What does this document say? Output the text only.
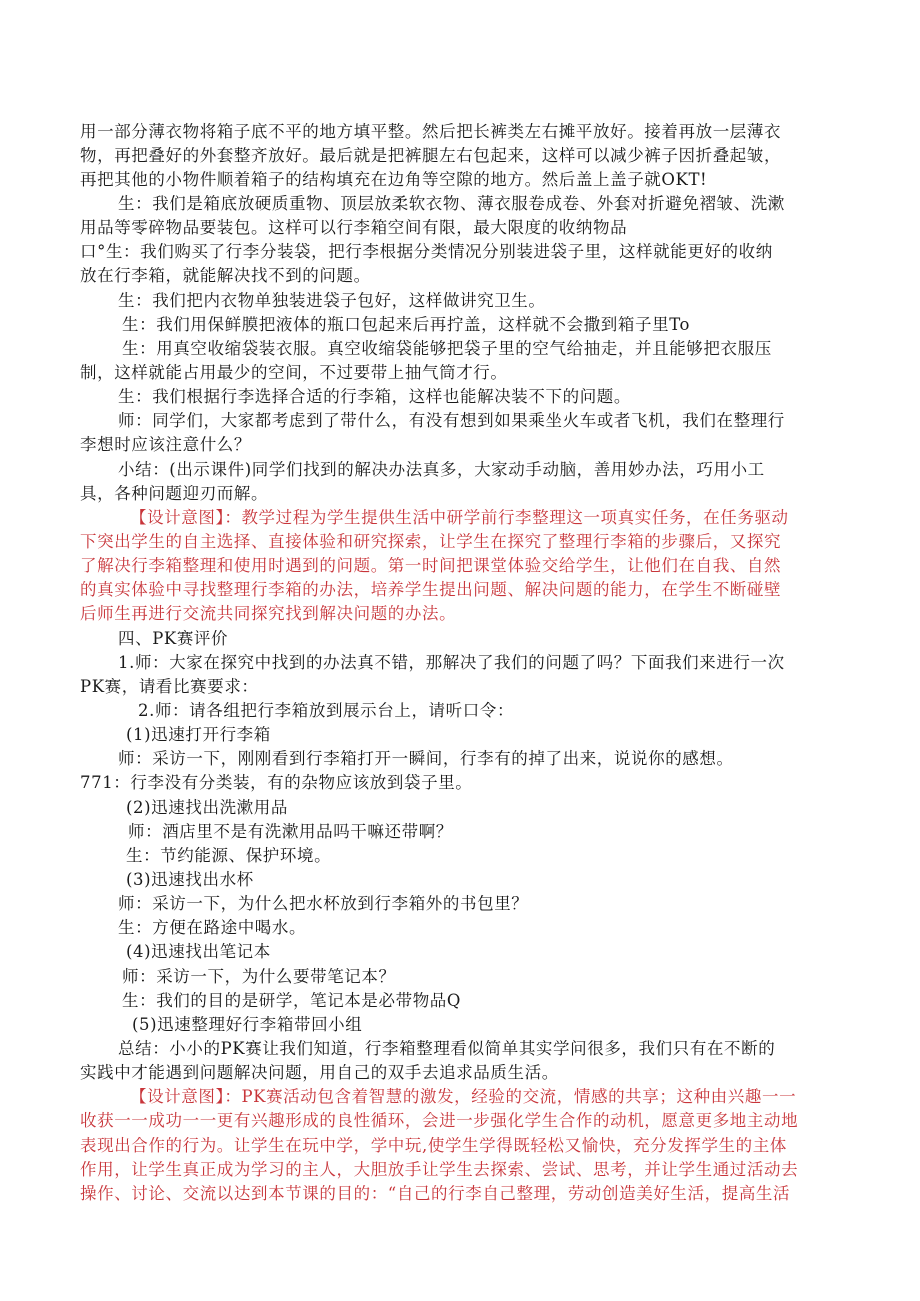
用一部分薄衣物将箱子底不平的地方填平整。然后把长裤类左右摊平放好。接着再放一层薄衣
物，再把叠好的外套整齐放好。最后就是把裤腿左右包起来，这样可以减少裤子因折叠起皱，
再把其他的小物件顺着箱子的结构填充在边角等空隙的地方。然后盖上盖子就OKT!
生：我们是箱底放硬质重物、顶层放柔软衣物、薄衣服卷成卷、外套对折避免褶皱、洗漱
用品等零碎物品要装包。这样可以行李箱空间有限，最大限度的收纳物品
口°生：我们购买了行李分装袋，把行李根据分类情况分别装进袋子里，这样就能更好的收纳
放在行李箱，就能解决找不到的问题。
生：我们把内衣物单独装进袋子包好，这样做讲究卫生。
生：我们用保鲜膜把液体的瓶口包起来后再拧盖，这样就不会撒到箱子里To
生：用真空收缩袋装衣服。真空收缩袋能够把袋子里的空气给抽走，并且能够把衣服压
制，这样就能占用最少的空间，不过要带上抽气筒才行。
生：我们根据行李选择合适的行李箱，这样也能解决装不下的问题。
师：同学们，大家都考虑到了带什么，有没有想到如果乘坐火车或者飞机，我们在整理行
李想时应该注意什么？
小结：(出示课件)同学们找到的解决办法真多，大家动手动脑，善用妙办法，巧用小工
具，各种问题迎刃而解。
【设计意图】：教学过程为学生提供生活中研学前行李整理这一项真实任务，在任务驱动
下突出学生的自主选择、直接体验和研究探索，让学生在探究了整理行李箱的步骤后，又探究
了解决行李箱整理和使用时遇到的问题。第一时间把课堂体验交给学生，让他们在自我、自然
的真实体验中寻找整理行李箱的办法，培养学生提出问题、解决问题的能力，在学生不断碰壁
后师生再进行交流共同探究找到解决问题的办法。
四、PK赛评价
1.师：大家在探究中找到的办法真不错，那解决了我们的问题了吗？下面我们来进行一次
PK赛，请看比赛要求：
2.师：请各组把行李箱放到展示台上，请听口令：
(1)迅速打开行李箱
师：采访一下，刚刚看到行李箱打开一瞬间，行李有的掉了出来，说说你的感想。
771：行李没有分类装，有的杂物应该放到袋子里。
(2)迅速找出洗漱用品
师：酒店里不是有洗漱用品吗干嘛还带啊？
生：节约能源、保护环境。
(3)迅速找出水杯
师：采访一下，为什么把水杯放到行李箱外的书包里？
生：方便在路途中喝水。
(4)迅速找出笔记本
师：采访一下，为什么要带笔记本？
生：我们的目的是研学，笔记本是必带物品Q
(5)迅速整理好行李箱带回小组
总结：小小的PK赛让我们知道，行李箱整理看似简单其实学问很多，我们只有在不断的
实践中才能遇到问题解决问题，用自己的双手去追求品质生活。
【设计意图】：PK赛活动包含着智慧的激发，经验的交流，情感的共享；这种由兴趣一一
收获一一成功一一更有兴趣形成的良性循环，会进一步强化学生合作的动机，愿意更多地主动地
表现出合作的行为。让学生在玩中学，学中玩,使学生学得既轻松又愉快，充分发挥学生的主体
作用，让学生真正成为学习的主人，大胆放手让学生去探索、尝试、思考，并让学生通过活动去
操作、讨论、交流以达到本节课的目的：“自己的行李自己整理，劳动创造美好生活，提高生活
